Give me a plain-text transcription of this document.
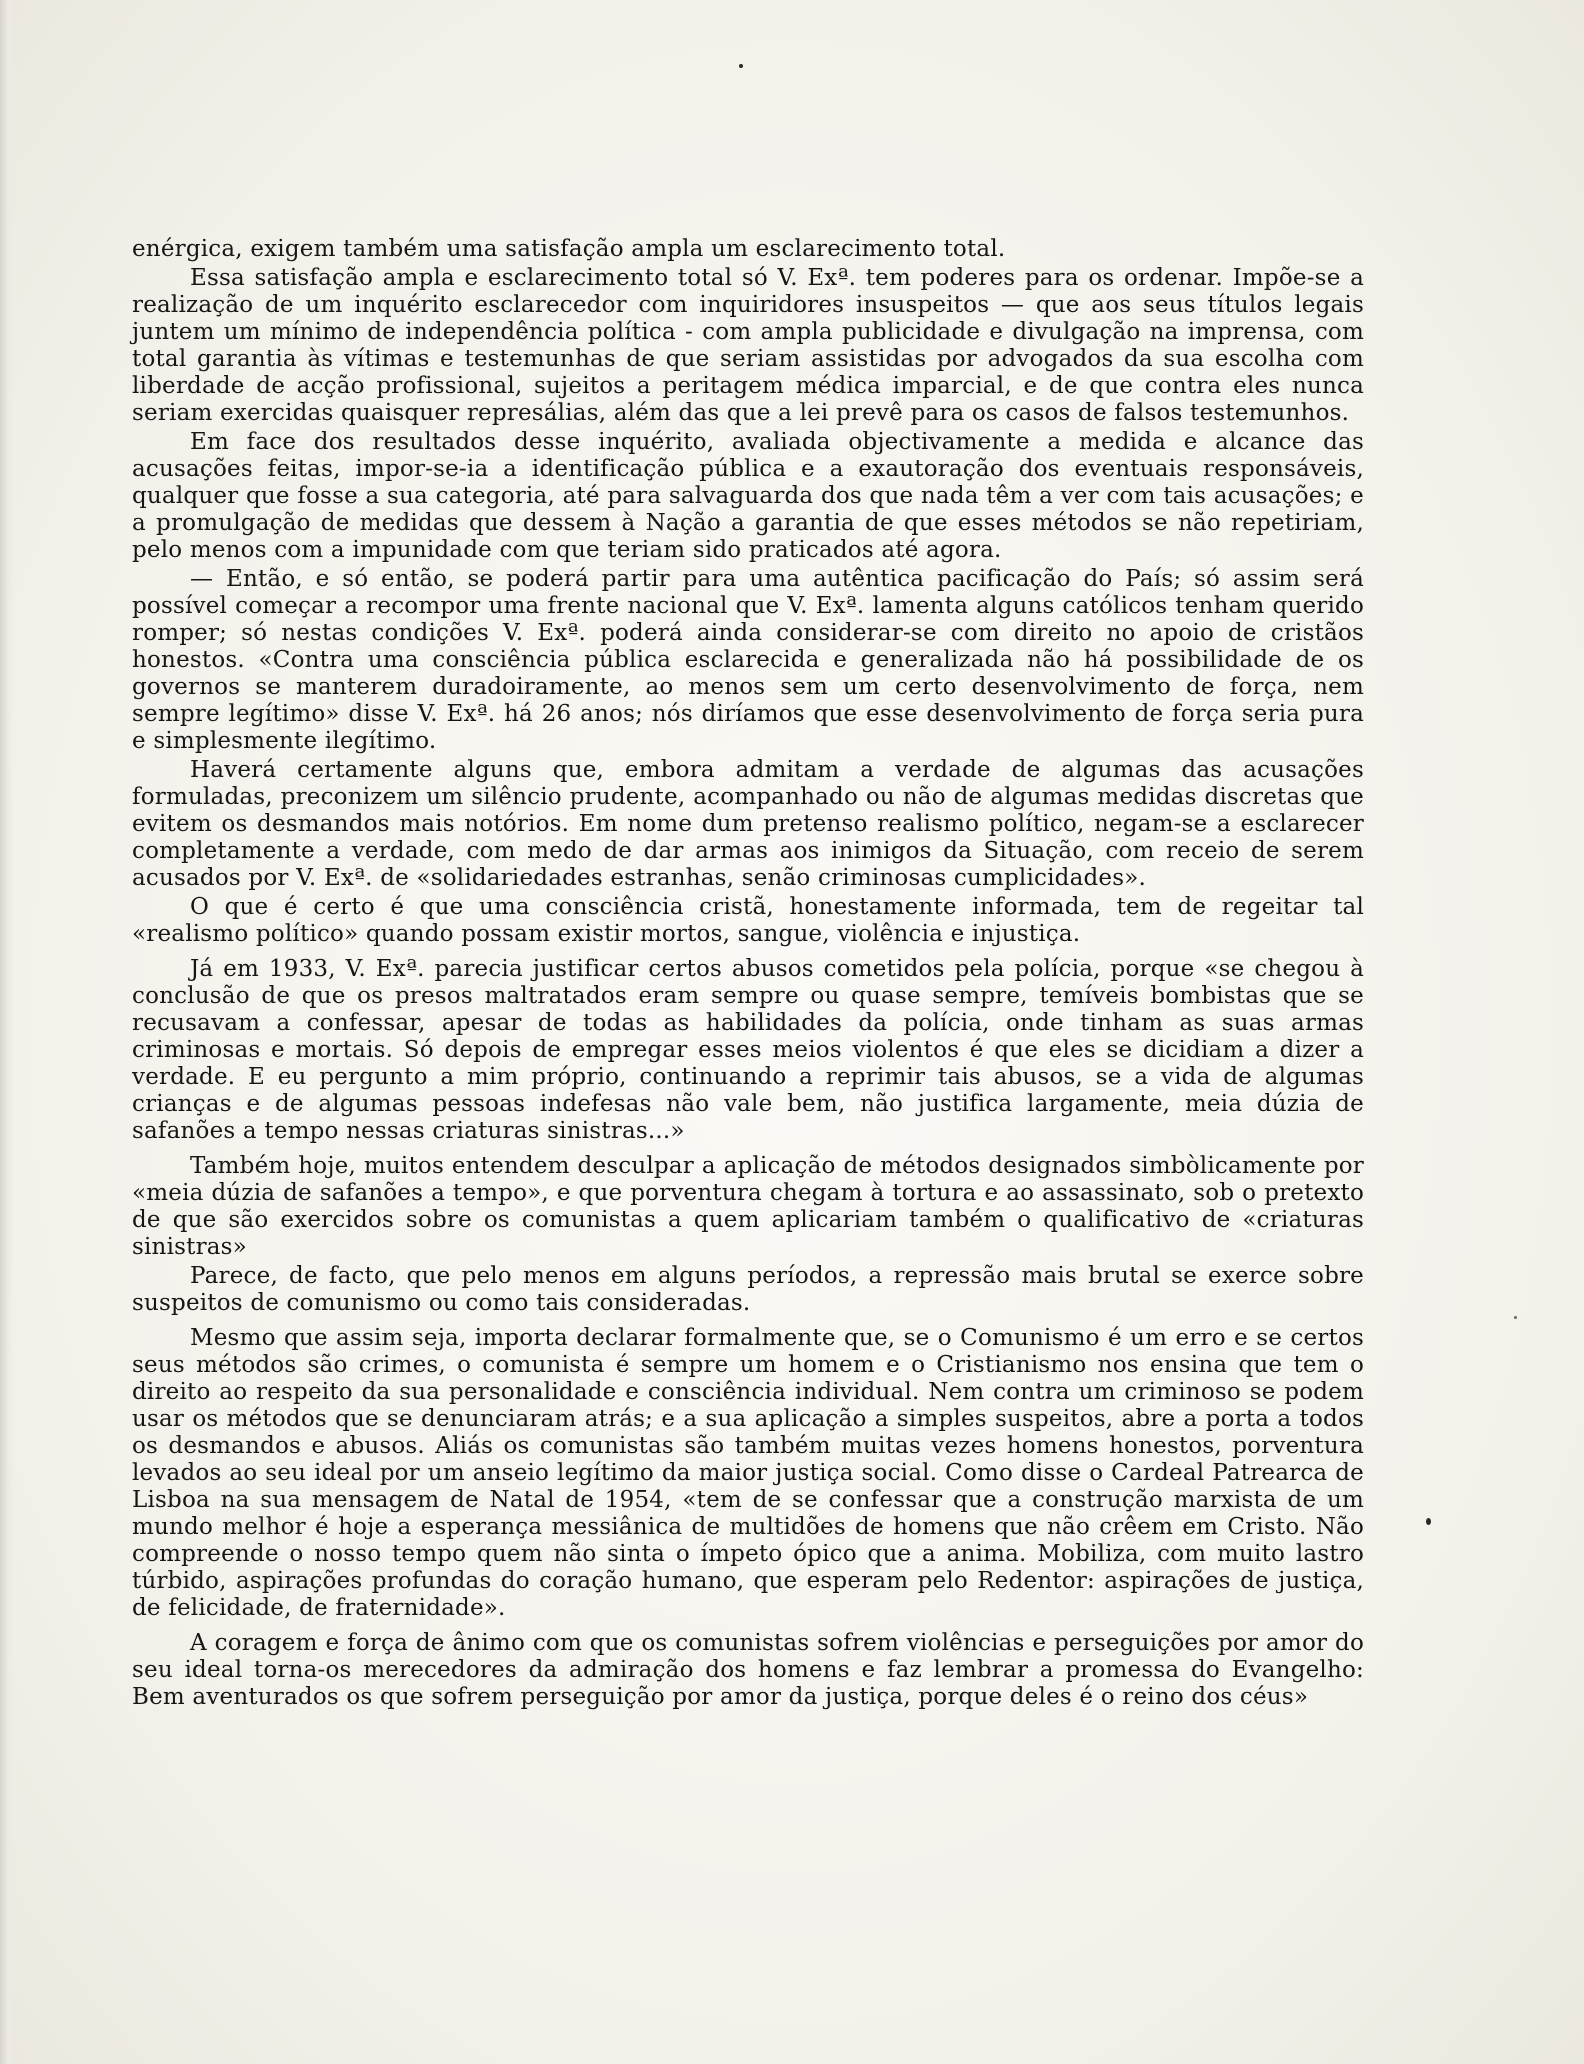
enérgica, exigem também uma satisfação ampla um esclarecimento total.

Essa satisfação ampla e esclarecimento total só V. Exª. tem poderes para os ordenar. Impõe-se a realização de um inquérito esclarecedor com inquiridores insuspeitos — que aos seus títulos legais juntem um mínimo de independência política - com ampla publicidade e divulgação na imprensa, com total garantia às vítimas e testemunhas de que seriam assistidas por advogados da sua escolha com liberdade de acção profissional, sujeitos a peritagem médica imparcial, e de que contra eles nunca seriam exercidas quaisquer represálias, além das que a lei prevê para os casos de falsos testemunhos.

Em face dos resultados desse inquérito, avaliada objectivamente a medida e alcance das acusações feitas, impor-se-ia a identificação pública e a exautoração dos eventuais responsáveis, qualquer que fosse a sua categoria, até para salvaguarda dos que nada têm a ver com tais acusações; e a promulgação de medidas que dessem à Nação a garantia de que esses métodos se não repetiriam, pelo menos com a impunidade com que teriam sido praticados até agora.

— Então, e só então, se poderá partir para uma autêntica pacificação do País; só assim será possível começar a recompor uma frente nacional que V. Exª. lamenta alguns católicos tenham querido romper; só nestas condições V. Exª. poderá ainda considerar-se com direito no apoio de cristãos honestos. «Contra uma consciência pública esclarecida e generalizada não há possibilidade de os governos se manterem duradoiramente, ao menos sem um certo desenvolvimento de força, nem sempre legítimo» disse V. Exª. há 26 anos; nós diríamos que esse desenvolvimento de força seria pura e simplesmente ilegítimo.

Haverá certamente alguns que, embora admitam a verdade de algumas das acusações formuladas, preconizem um silêncio prudente, acompanhado ou não de algumas medidas discretas que evitem os desmandos mais notórios. Em nome dum pretenso realismo político, negam-se a esclarecer completamente a verdade, com medo de dar armas aos inimigos da Situação, com receio de serem acusados por V. Exª. de «solidariedades estranhas, senão criminosas cumplicidades».

O que é certo é que uma consciência cristã, honestamente informada, tem de regeitar tal «realismo político» quando possam existir mortos, sangue, violência e injustiça.

Já em 1933, V. Exª. parecia justificar certos abusos cometidos pela polícia, porque «se chegou à conclusão de que os presos maltratados eram sempre ou quase sempre, temíveis bombistas que se recusavam a confessar, apesar de todas as habilidades da polícia, onde tinham as suas armas criminosas e mortais. Só depois de empregar esses meios violentos é que eles se dicidiam a dizer a verdade. E eu pergunto a mim próprio, continuando a reprimir tais abusos, se a vida de algumas crianças e de algumas pessoas indefesas não vale bem, não justifica largamente, meia dúzia de safanões a tempo nessas criaturas sinistras...»

Também hoje, muitos entendem desculpar a aplicação de métodos designados simbòlicamente por «meia dúzia de safanões a tempo», e que porventura chegam à tortura e ao assassinato, sob o pretexto de que são exercidos sobre os comunistas a quem aplicariam também o qualificativo de «criaturas sinistras»

Parece, de facto, que pelo menos em alguns períodos, a repressão mais brutal se exerce sobre suspeitos de comunismo ou como tais consideradas.

Mesmo que assim seja, importa declarar formalmente que, se o Comunismo é um erro e se certos seus métodos são crimes, o comunista é sempre um homem e o Cristianismo nos ensina que tem o direito ao respeito da sua personalidade e consciência individual. Nem contra um criminoso se podem usar os métodos que se denunciaram atrás; e a sua aplicação a simples suspeitos, abre a porta a todos os desmandos e abusos. Aliás os comunistas são também muitas vezes homens honestos, porventura levados ao seu ideal por um anseio legítimo da maior justiça social. Como disse o Cardeal Patrearca de Lisboa na sua mensagem de Natal de 1954, «tem de se confessar que a construção marxista de um mundo melhor é hoje a esperança messiânica de multidões de homens que não crêem em Cristo. Não compreende o nosso tempo quem não sinta o ímpeto ópico que a anima. Mobiliza, com muito lastro túrbido, aspirações profundas do coração humano, que esperam pelo Redentor: aspirações de justiça, de felicidade, de fraternidade».

A coragem e força de ânimo com que os comunistas sofrem violências e perseguições por amor do seu ideal torna-os merecedores da admiração dos homens e faz lembrar a promessa do Evangelho: Bem aventurados os que sofrem perseguição por amor da justiça, porque deles é o reino dos céus»
